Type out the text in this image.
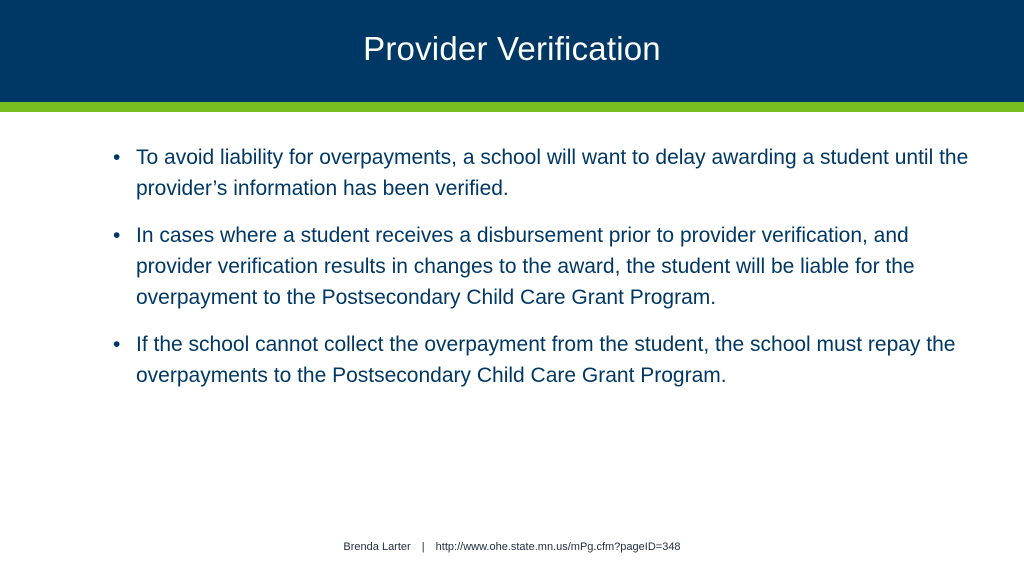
Provider Verification
• To avoid liability for overpayments, a school will want to delay awarding a student until the provider’s information has been verified.
• In cases where a student receives a disbursement prior to provider verification, and provider verification results in changes to the award, the student will be liable for the overpayment to the Postsecondary Child Care Grant Program.
• If the school cannot collect the overpayment from the student, the school must repay the overpayments to the Postsecondary Child Care Grant Program.
Brenda Larter | http://www.ohe.state.mn.us/mPg.cfm?pageID=348
